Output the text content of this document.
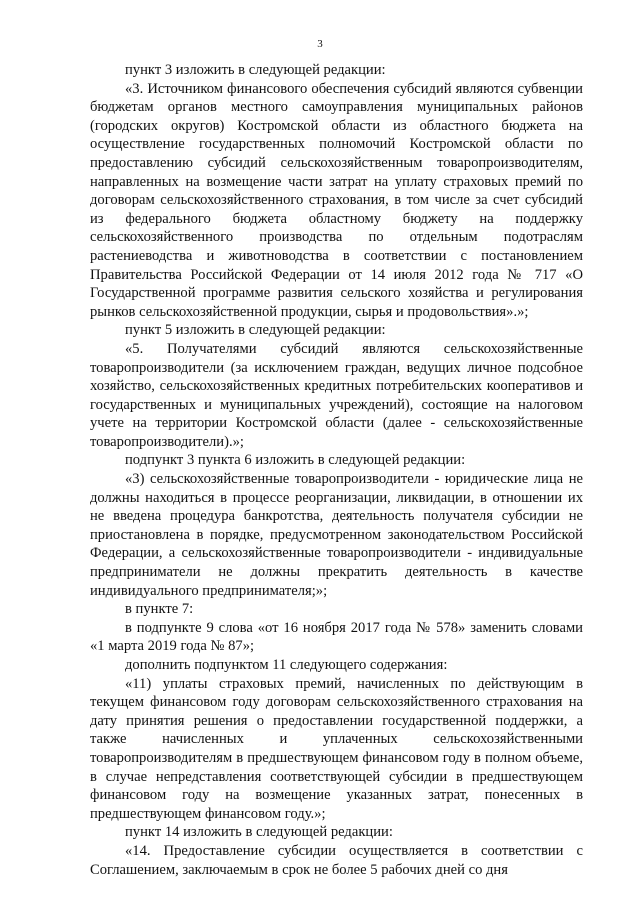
3

пункт 3 изложить в следующей редакции:

«3. Источником финансового обеспечения субсидий являются субвенции бюджетам органов местного самоуправления муниципальных районов (городских округов) Костромской области из областного бюджета на осуществление государственных полномочий Костромской области по предоставлению субсидий сельскохозяйственным товаропроизводителям, направленных на возмещение части затрат на уплату страховых премий по договорам сельскохозяйственного страхования, в том числе за счет субсидий из федерального бюджета областному бюджету на поддержку сельскохозяйственного производства по отдельным подотраслям растениеводства и животноводства в соответствии с постановлением Правительства Российской Федерации от 14 июля 2012 года № 717 «О Государственной программе развития сельского хозяйства и регулирования рынков сельскохозяйственной продукции, сырья и продовольствия».»;

пункт 5 изложить в следующей редакции:

«5. Получателями субсидий являются сельскохозяйственные товаропроизводители (за исключением граждан, ведущих личное подсобное хозяйство, сельскохозяйственных кредитных потребительских кооперативов и государственных и муниципальных учреждений), состоящие на налоговом учете на территории Костромской области (далее - сельскохозяйственные товаропроизводители).»;

подпункт 3 пункта 6 изложить в следующей редакции:

«3) сельскохозяйственные товаропроизводители - юридические лица не должны находиться в процессе реорганизации, ликвидации, в отношении их не введена процедура банкротства, деятельность получателя субсидии не приостановлена в порядке, предусмотренном законодательством Российской Федерации, а сельскохозяйственные товаропроизводители - индивидуальные предприниматели не должны прекратить деятельность в качестве индивидуального предпринимателя;»;

в пункте 7:

в подпункте 9 слова «от 16 ноября 2017 года № 578» заменить словами «1 марта 2019 года № 87»;

дополнить подпунктом 11 следующего содержания:

«11) уплаты страховых премий, начисленных по действующим в текущем финансовом году договорам сельскохозяйственного страхования на дату принятия решения о предоставлении государственной поддержки, а также начисленных и уплаченных сельскохозяйственными товаропроизводителям в предшествующем финансовом году в полном объеме, в случае непредставления соответствующей субсидии в предшествующем финансовом году на возмещение указанных затрат, понесенных в предшествующем финансовом году.»;

пункт 14 изложить в следующей редакции:

«14. Предоставление субсидии осуществляется в соответствии с Соглашением, заключаемым в срок не более 5 рабочих дней со дня
